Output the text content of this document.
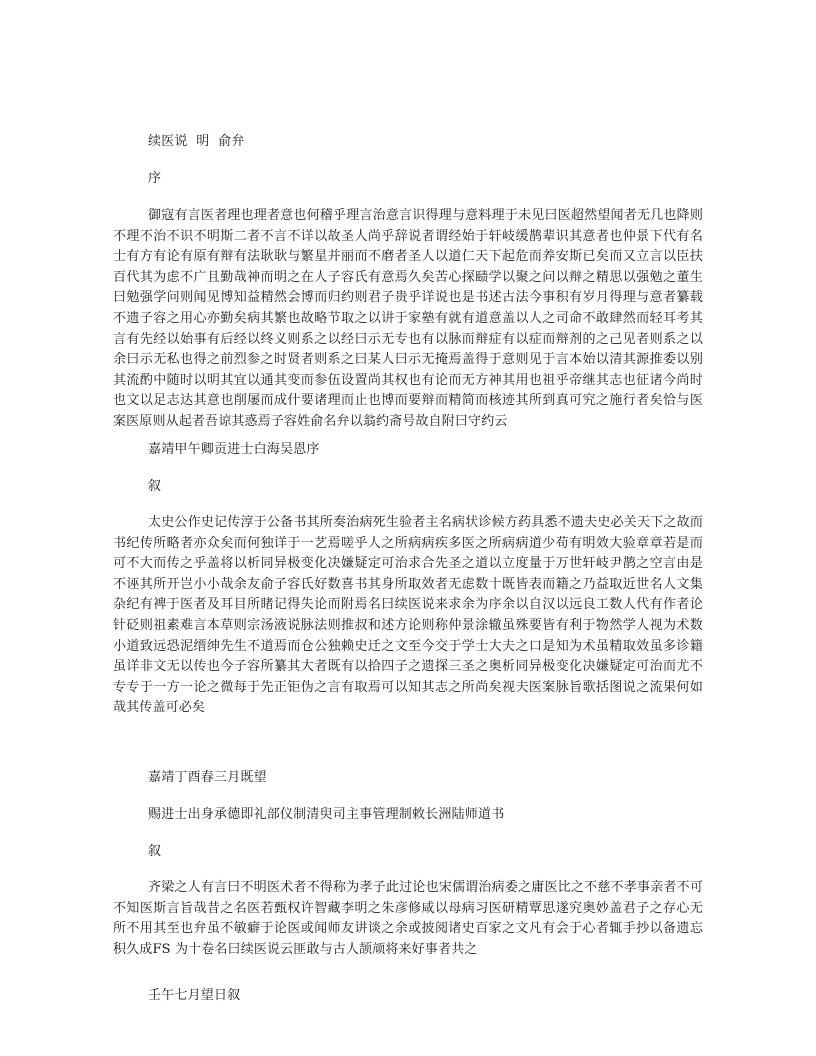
续医说  明  俞弁
序
御寇有言医者理也理者意也何稽乎理言治意言识得理与意料理于未见曰医超然望闻者无几也降则不理不治不识不明斯二者不言不详以故圣人尚乎辞说者谓经始于轩岐缓鹊辈识其意者也仲景下代有名士有方有论有原有辩有法耿耿与繁星并丽而不磨者圣人以道仁天下起危而养安斯已矣而又立言以臣扶百代其为虑不广且勤哉神而明之在人子容氏有意焉久矣苦心探赜学以聚之问以辩之精思以强勉之董生曰勉强学问则闻见博知益精然会博而归约则君子贵乎详说也是书述古法今事积有岁月得理与意者纂载不遗子容之用心亦勤矣病其繁也故略节取之以讲于家塾有就有道意盖以人之司命不敢肆然而轻耳考其言有先经以始事有后经以终义则系之以经曰示无专也有以脉而辩症有以症而辩剂的之己见者则系之以余曰示无私也得之前烈参之时贤者则系之曰某人曰示无掩焉盖得于意则见于言本始以清其源推委以别其流酌中随时以明其宜以通其变而参伍设置尚其权也有论而无方神其用也祖乎帝继其志也征诸今尚时也文以足志达其意也削屡而成什要诸理而止也博而要辩而精简而核迹其所到真可究之施行者矣恰与医案医原则从起者吾谅其惑焉子容姓俞名弁以翁约斋号故自附曰守约云
嘉靖甲午卿贡进士白海吴恩序
叙
太史公作史记传淳于公备书其所奏治病死生验者主名病状诊候方药具悉不遗夫史必关天下之故而书纪传所略者亦众矣而何独详于一艺焉嗟乎人之所病病疾多医之所病病道少苟有明效大验章章若是而可不大而传之乎盖将以析同异极变化决嫌疑定可治求合先圣之道以立度量于万世轩岐尹鹊之空言由是不诬其所开岂小小哉余友俞子容氏好数喜书其身所取效者无虑数十既皆表而籍之乃益取近世名人文集杂纪有裨于医者及耳目所睹记得失论而附焉名曰续医说来求余为序余以自汉以远良工数人代有作者论针砭则祖素难言本草则宗汤液说脉法则推叔和述方论则称仲景涂辙虽殊要皆有利于物然学人视为术数小道致远恐泥缙绅先生不道焉而仓公独赖史迁之文至今交于学士大夫之口是知为术虽精取效虽多诊籍虽详非文无以传也今子容所纂其大者既有以拾四子之遗探三圣之奥析同异极变化决嫌疑定可治而尤不专专于一方一论之微每于先正钜伪之言有取焉可以知其志之所尚矣视夫医案脉旨歌括图说之流果何如哉其传盖可必矣
嘉靖丁酉春三月既望
赐进士出身承德即礼部仪制清臾司主事管理制敕长洲陆师道书
叙
齐梁之人有言曰不明医术者不得称为孝子此过论也宋儒谓治病委之庸医比之不慈不孝事亲者不可不知医斯言旨哉昔之名医若甄权许智藏李明之朱彦修咸以母病习医研精覃思遂究奥妙盖君子之存心无所不用其至也弁虽不敏癖于论医或闻师友讲谈之余或披阅诸史百家之文凡有会于心者辄手抄以备遗忘积久成FS 为十卷名曰续医说云匪敢与古人颉颃将来好事者共之
壬午七月望日叙
